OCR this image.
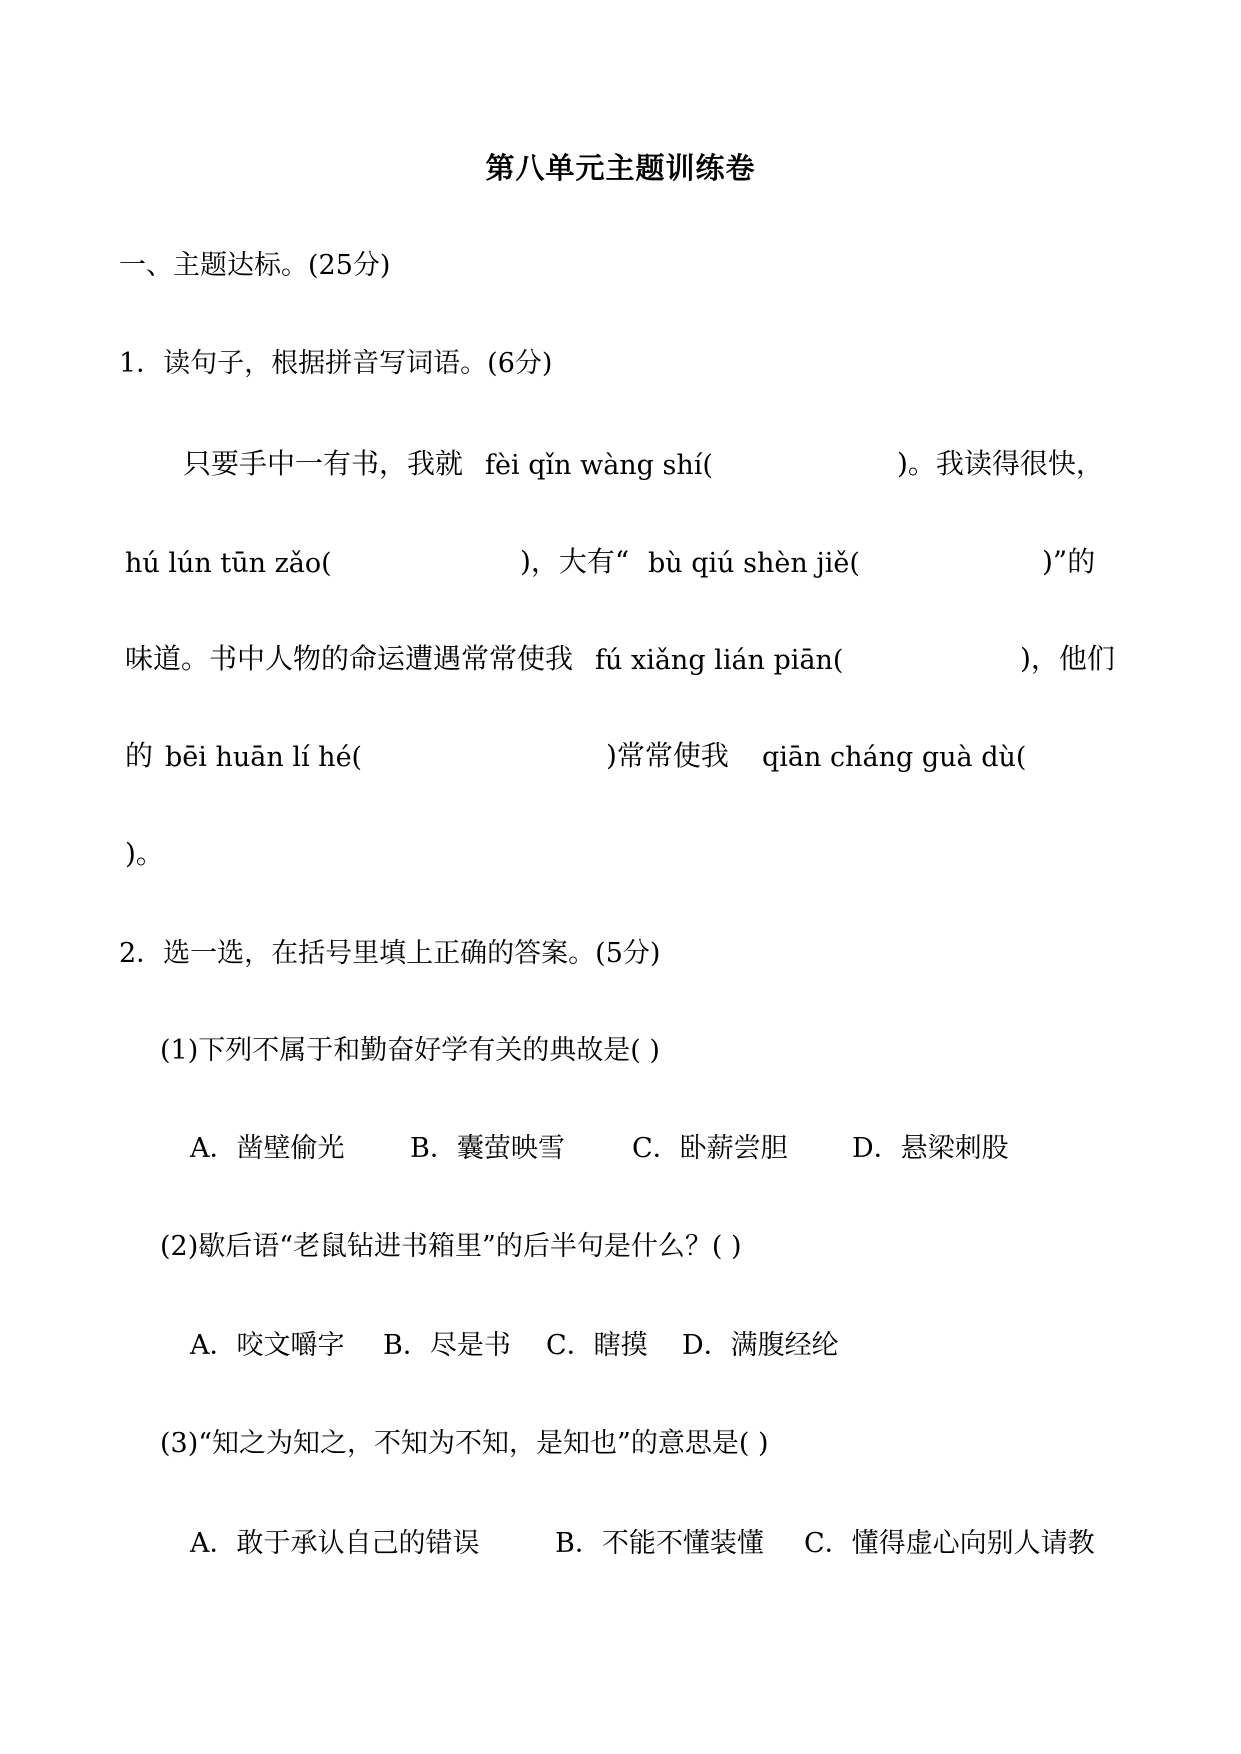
第八单元主题训练卷
一、主题达标。(25分)
1．读句子，根据拼音写词语。(6分)
只要手中一有书，我就 fèi qǐn wàng shí(	)。我读得很快，
hú lún tūn zǎo(	)，大有“ bù qiú shèn jiě(	)”的
味道。书中人物的命运遭遇常常使我 fú xiǎng lián piān(	)，他们
的 bēi huān lí hé(	)常常使我 qiān cháng guà dù(
)。
2．选一选，在括号里填上正确的答案。(5分)
(1)下列不属于和勤奋好学有关的典故是( )
A．凿壁偷光 B．囊萤映雪 C．卧薪尝胆 D．悬梁刺股
(2)歇后语“老鼠钻进书箱里”的后半句是什么？( )
A．咬文嚼字 B．尽是书 C．瞎摸 D．满腹经纶
(3)“知之为知之，不知为不知，是知也”的意思是( )
A．敢于承认自己的错误	B．不能不懂装懂 C．懂得虚心向别人请教
